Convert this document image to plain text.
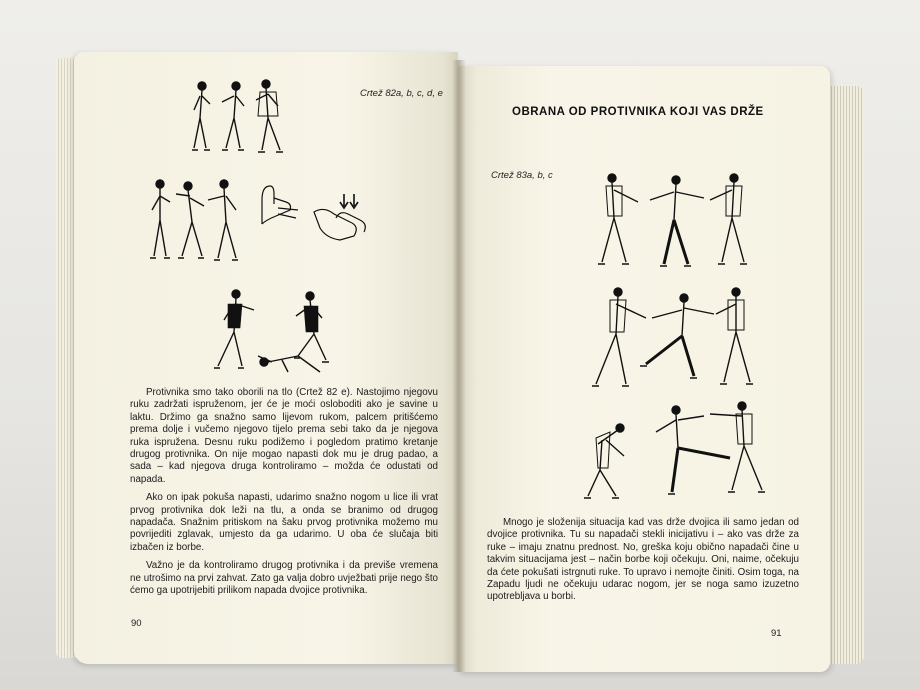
Crtež 82a, b, c, d, e

Protivnika smo tako oborili na tlo (Crtež 82 e). Nastojimo njegovu ruku zadržati ispruženom, jer će je moći osloboditi ako je savine u laktu. Držimo ga snažno samo lijevom rukom, palcem pritišćemo prema dolje i vučemo njegovo tijelo prema sebi tako da je njegova ruka ispružena. Desnu ruku podižemo i pogledom pratimo kretanje drugog protivnika. On nije mogao napasti dok mu je drug padao, a sada – kad njegova druga kontroliramo – možda će odustati od napada.

Ako on ipak pokuša napasti, udarimo snažno nogom u lice ili vrat prvog protivnika dok leži na tlu, a onda se branimo od drugog napadača. Snažnim pritiskom na šaku prvog protivnika možemo mu povrijediti zglavak, umjesto da ga udarimo. U oba će slučaja biti izbačen iz borbe.

Važno je da kontroliramo drugog protivnika i da previše vremena ne utrošimo na prvi zahvat. Zato ga valja dobro uvježbati prije nego što ćemo ga upotrijebiti prilikom napada dvojice protivnika.

90
OBRANA OD PROTIVNIKA KOJI VAS DRŽE
Crtež 83a, b, c

Mnogo je složenija situacija kad vas drže dvojica ili samo jedan od dvojice protivnika. Tu su napadači stekli inicijativu i – ako vas drže za ruke – imaju znatnu prednost. No, greška koju obično napadači čine u takvim situacijama jest – način borbe koji očekuju. Oni, naime, očekuju da ćete pokušati istrgnuti ruke. To upravo i nemojte činiti. Osim toga, na Zapadu ljudi ne očekuju udarac nogom, jer se noga samo izuzetno upotrebljava u borbi.

91
